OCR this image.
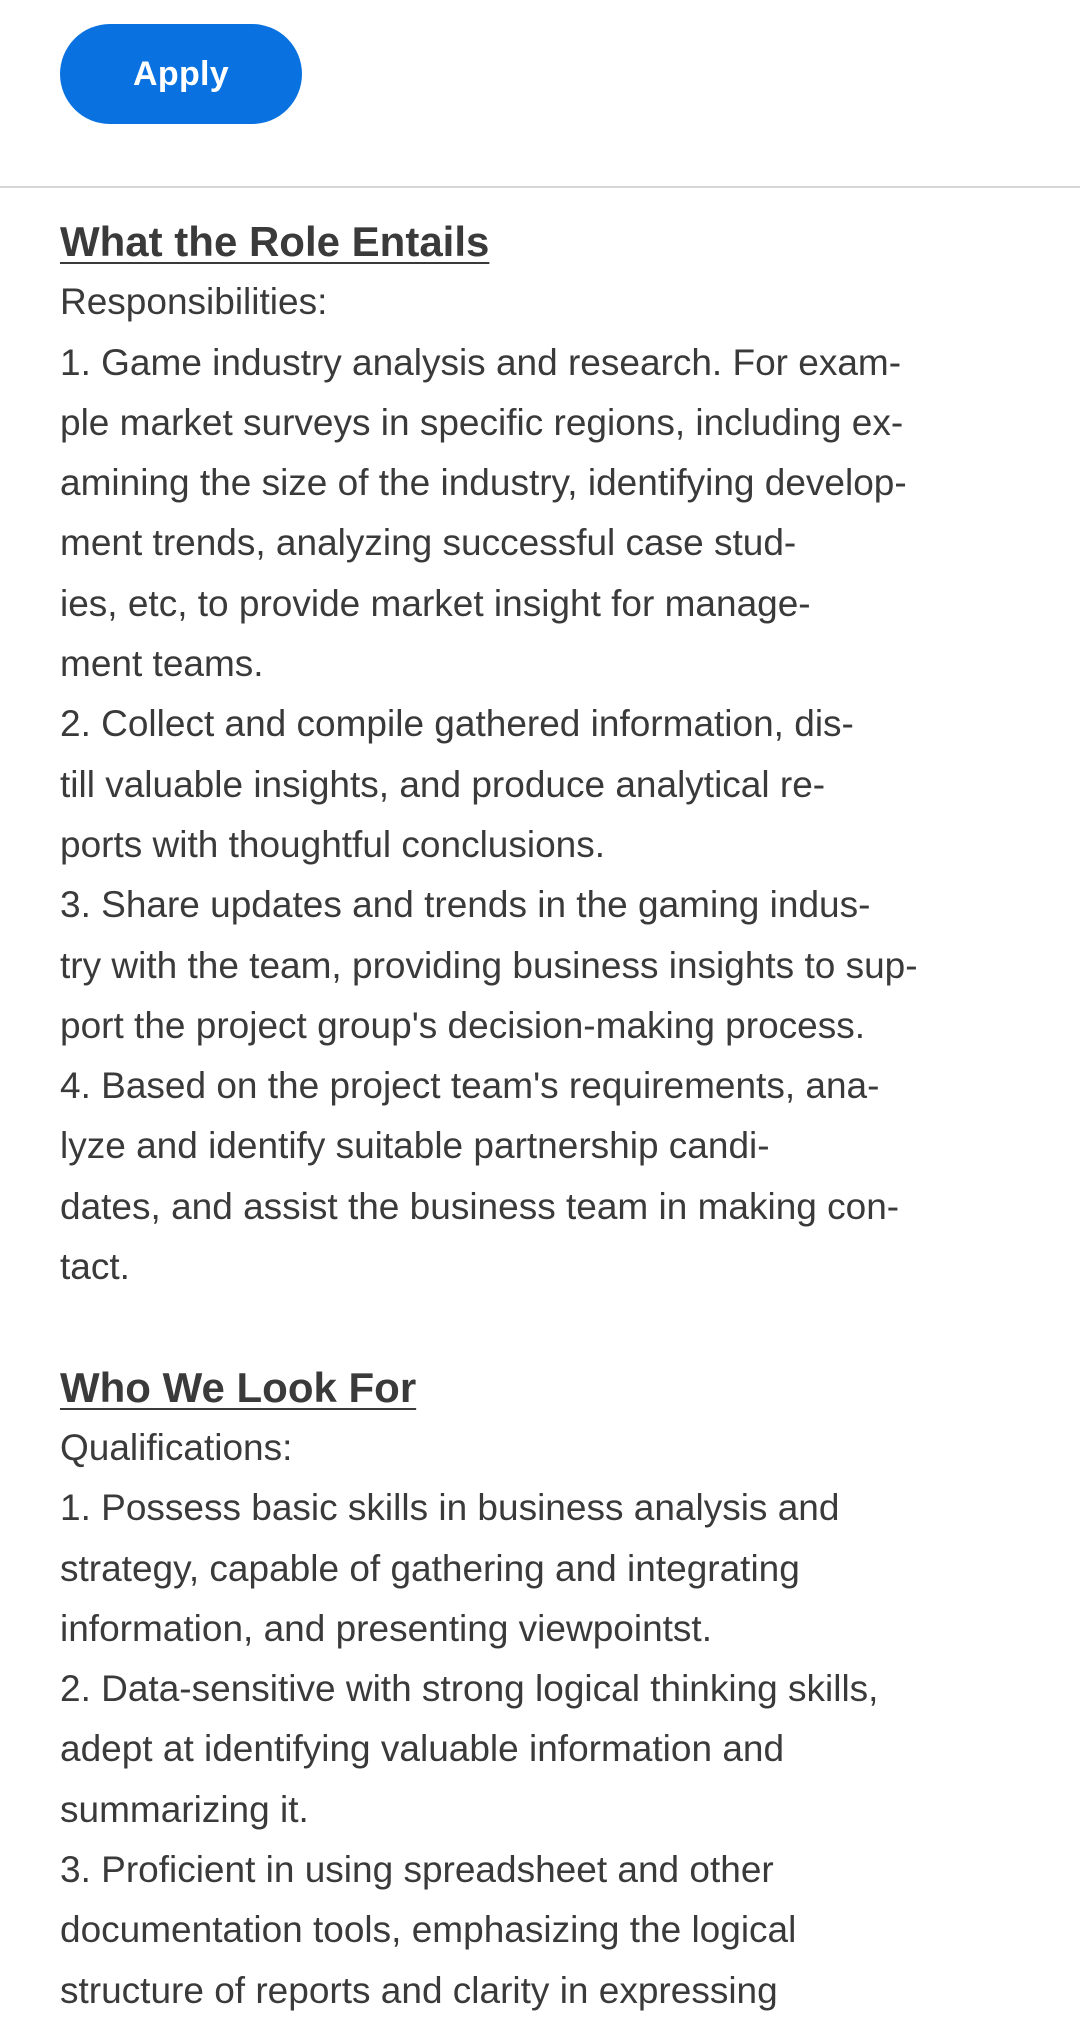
Apply
What the Role Entails
Responsibilities:
1. Game industry analysis and research. For exam-
ple market surveys in specific regions, including ex-
amining the size of the industry, identifying develop-
ment trends, analyzing successful case stud-
ies, etc, to provide market insight for manage-
ment teams.
2. Collect and compile gathered information, dis-
till valuable insights, and produce analytical re-
ports with thoughtful conclusions.
3. Share updates and trends in the gaming indus-
try with the team, providing business insights to sup-
port the project group's decision-making process.
4. Based on the project team's requirements, ana-
lyze and identify suitable partnership candi-
dates, and assist the business team in making con-
tact.
Who We Look For
Qualifications:
1. Possess basic skills in business analysis and
strategy, capable of gathering and integrating
information, and presenting viewpointst.
2. Data-sensitive with strong logical thinking skills,
adept at identifying valuable information and
summarizing it.
3. Proficient in using spreadsheet and other
documentation tools, emphasizing the logical
structure of reports and clarity in expressing
